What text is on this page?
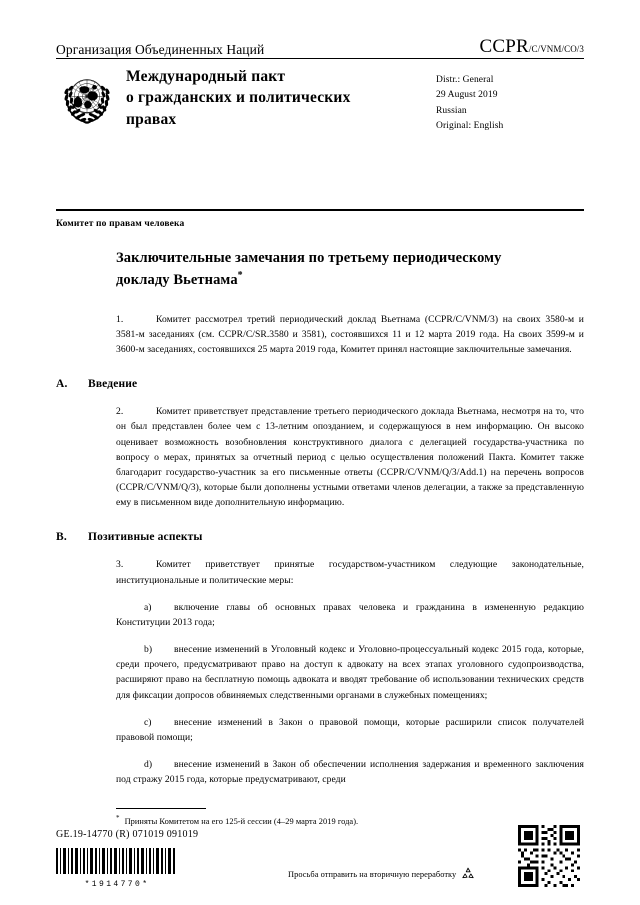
Организация Объединенных Наций	CCPR/C/VNM/CO/3
Международный пакт
о гражданских и политических
правах
Distr.: General
29 August 2019
Russian
Original: English
Комитет по правам человека
Заключительные замечания по третьему периодическому докладу Вьетнама*

1.	Комитет рассмотрел третий периодический доклад Вьетнама (CCPR/C/VNM/3) на своих 3580-м и 3581-м заседаниях (см. CCPR/C/SR.3580 и 3581), состоявшихся 11 и 12 марта 2019 года. На своих 3599-м и 3600-м заседаниях, состоявшихся 25 марта 2019 года, Комитет принял настоящие заключительные замечания.

A.	Введение

2.	Комитет приветствует представление третьего периодического доклада Вьетнама, несмотря на то, что он был представлен более чем с 13-летним опозданием, и содержащуюся в нем информацию. Он высоко оценивает возможность возобновления конструктивного диалога с делегацией государства-участника по вопросу о мерах, принятых за отчетный период с целью осуществления положений Пакта. Комитет также благодарит государство-участник за его письменные ответы (CCPR/C/VNM/Q/3/Add.1) на перечень вопросов (CCPR/C/VNM/Q/3), которые были дополнены устными ответами членов делегации, а также за представленную ему в письменном виде дополнительную информацию.

B.	Позитивные аспекты

3.	Комитет приветствует принятые государством-участником следующие законодательные, институциональные и политические меры:

a) включение главы об основных правах человека и гражданина в измененную редакцию Конституции 2013 года;

b) внесение изменений в Уголовный кодекс и Уголовно-процессуальный кодекс 2015 года, которые, среди прочего, предусматривают право на доступ к адвокату на всех этапах уголовного судопроизводства, расширяют право на бесплатную помощь адвоката и вводят требование об использовании технических средств для фиксации допросов обвиняемых следственными органами в служебных помещениях;

c) внесение изменений в Закон о правовой помощи, которые расширили список получателей правовой помощи;

d) внесение изменений в Закон об обеспечении исполнения задержания и временного заключения под стражу 2015 года, которые предусматривают, среди

* Приняты Комитетом на его 125-й сессии (4–29 марта 2019 года).
GE.19-14770 (R) 071019 091019
*1914770*
Просьба отправить на вторичную переработку
